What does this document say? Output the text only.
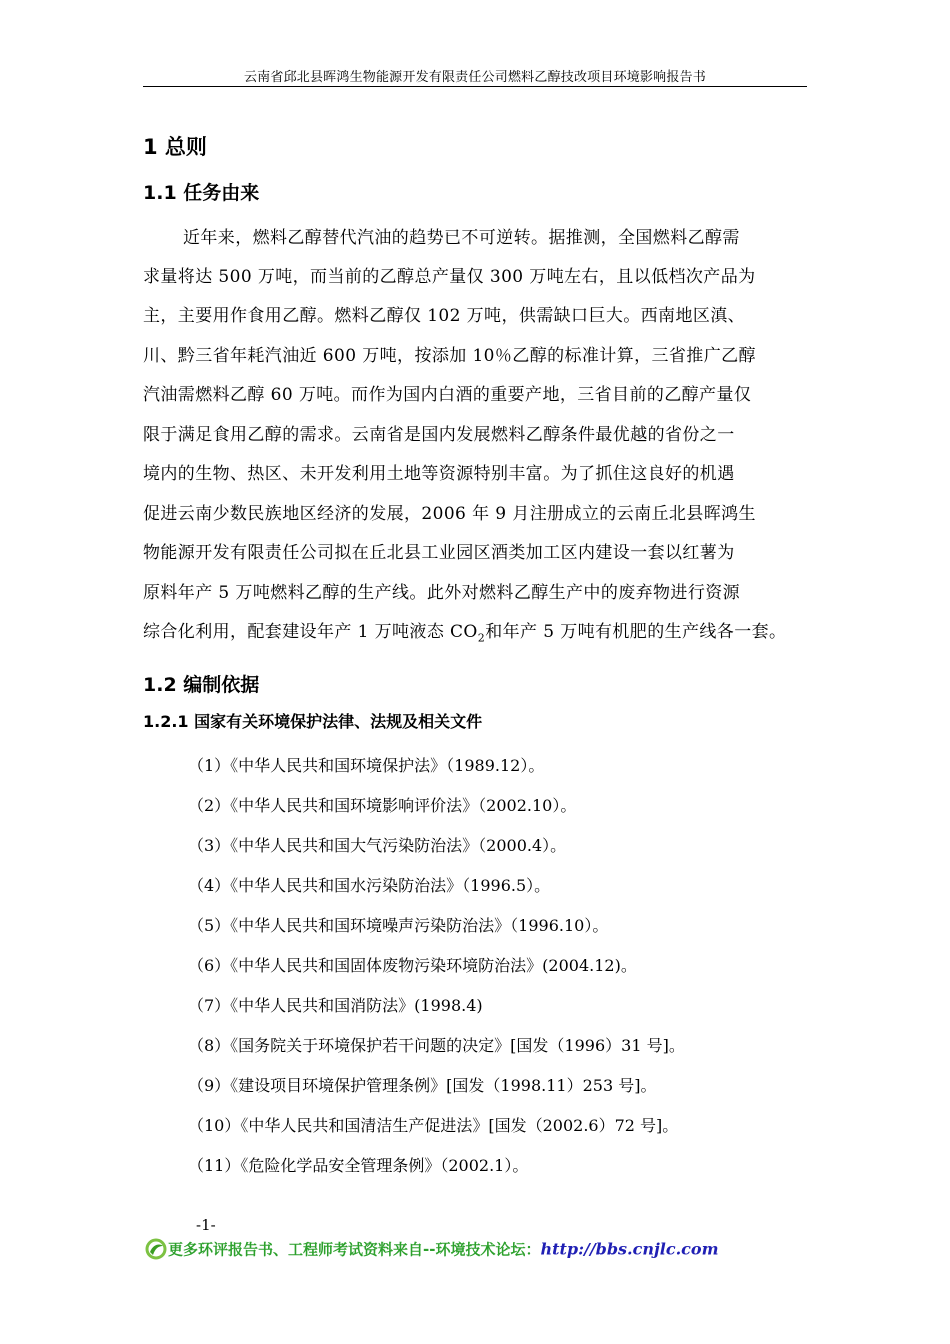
云南省邱北县晖鸿生物能源开发有限责任公司燃料乙醇技改项目环境影响报告书
1 总则
1.1 任务由来
近年来，燃料乙醇替代汽油的趋势已不可逆转。据推测，全国燃料乙醇需
求量将达 500 万吨，而当前的乙醇总产量仅 300 万吨左右，且以低档次产品为
主，主要用作食用乙醇。燃料乙醇仅 102 万吨，供需缺口巨大。西南地区滇、
川、黔三省年耗汽油近 600 万吨，按添加 10％乙醇的标准计算，三省推广乙醇
汽油需燃料乙醇 60 万吨。而作为国内白酒的重要产地，三省目前的乙醇产量仅
限于满足食用乙醇的需求。云南省是国内发展燃料乙醇条件最优越的省份之一
境内的生物、热区、未开发利用土地等资源特别丰富。为了抓住这良好的机遇
促进云南少数民族地区经济的发展，2006 年 9 月注册成立的云南丘北县晖鸿生
物能源开发有限责任公司拟在丘北县工业园区酒类加工区内建设一套以红薯为
原料年产 5 万吨燃料乙醇的生产线。此外对燃料乙醇生产中的废弃物进行资源
综合化利用，配套建设年产 1 万吨液态 $CO_2$和年产 5 万吨有机肥的生产线各一套。
1.2 编制依据
1.2.1 国家有关环境保护法律、法规及相关文件
（1）《中华人民共和国环境保护法》（1989.12）。
（2）《中华人民共和国环境影响评价法》（2002.10）。
（3）《中华人民共和国大气污染防治法》（2000.4）。
（4）《中华人民共和国水污染防治法》（1996.5）。
（5）《中华人民共和国环境噪声污染防治法》（1996.10）。
（6）《中华人民共和国固体废物污染环境防治法》(2004.12)。
（7）《中华人民共和国消防法》(1998.4)
（8）《国务院关于环境保护若干问题的决定》[国发（1996）31 号]。
（9）《建设项目环境保护管理条例》[国发（1998.11）253 号]。
（10）《中华人民共和国清洁生产促进法》[国发（2002.6）72 号]。
（11）《危险化学品安全管理条例》（2002.1）。
-1-
更多环评报告书、工程师考试资料来自--环境技术论坛：http://bbs.cnjlc.com
